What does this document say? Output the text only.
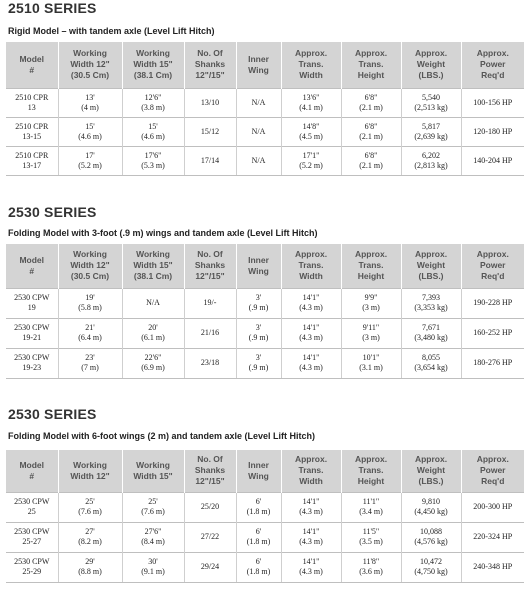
2510 SERIES
Rigid Model – with tandem axle (Level Lift Hitch)
Model
#	Working
Width 12"
(30.5 Cm)	Working
Width 15"
(38.1 Cm)	No. Of
Shanks
12"/15"	Inner
Wing	Approx.
Trans.
Width	Approx.
Trans.
Height	Approx.
Weight
(LBS.)	Approx.
Power
Req'd

2510 CPR
13	13'
(4 m)	12'6"
(3.8 m)	13/10	N/A	13'6"
(4.1 m)	6'8"
(2.1 m)	5,540
(2,513 kg)	100-156 HP

2510 CPR
13-15	15'
(4.6 m)	15'
(4.6 m)	15/12	N/A	14'8"
(4.5 m)	6'8"
(2.1 m)	5,817
(2,639 kg)	120-180 HP

2510 CPR
13-17	17'
(5.2 m)	17'6"
(5.3 m)	17/14	N/A	17'1"
(5.2 m)	6'8"
(2.1 m)	6,202
(2,813 kg)	140-204 HP
2530 SERIES
Folding Model with 3-foot (.9 m) wings and tandem axle (Level Lift Hitch)
Model
#	Working
Width 12"
(30.5 Cm)	Working
Width 15"
(38.1 Cm)	No. Of
Shanks
12"/15"	Inner
Wing	Approx.
Trans.
Width	Approx.
Trans.
Height	Approx.
Weight
(LBS.)	Approx.
Power
Req'd

2530 CPW
19	19'
(5.8 m)	N/A	19/-	3'
(.9 m)	14'1"
(4.3 m)	9'9"
(3 m)	7,393
(3,353 kg)	190-228 HP

2530 CPW
19-21	21'
(6.4 m)	20'
(6.1 m)	21/16	3'
(.9 m)	14'1"
(4.3 m)	9'11"
(3 m)	7,671
(3,480 kg)	160-252 HP

2530 CPW
19-23	23'
(7 m)	22'6"
(6.9 m)	23/18	3'
(.9 m)	14'1"
(4.3 m)	10'1"
(3.1 m)	8,055
(3,654 kg)	180-276 HP
2530 SERIES
Folding Model with 6-foot wings (2 m) and tandem axle (Level Lift Hitch)
Model
#	Working
Width 12"	Working
Width 15"	No. Of
Shanks
12"/15"	Inner
Wing	Approx.
Trans.
Width	Approx.
Trans.
Height	Approx.
Weight
(LBS.)	Approx.
Power
Req'd

2530 CPW
25	25'
(7.6 m)	25'
(7.6 m)	25/20	6'
(1.8 m)	14'1"
(4.3 m)	11'1"
(3.4 m)	9,810
(4,450 kg)	200-300 HP

2530 CPW
25-27	27'
(8.2 m)	27'6"
(8.4 m)	27/22	6'
(1.8 m)	14'1"
(4.3 m)	11'5"
(3.5 m)	10,088
(4,576 kg)	220-324 HP

2530 CPW
25-29	29'
(8.8 m)	30'
(9.1 m)	29/24	6'
(1.8 m)	14'1"
(4.3 m)	11'8"
(3.6 m)	10,472
(4,750 kg)	240-348 HP
